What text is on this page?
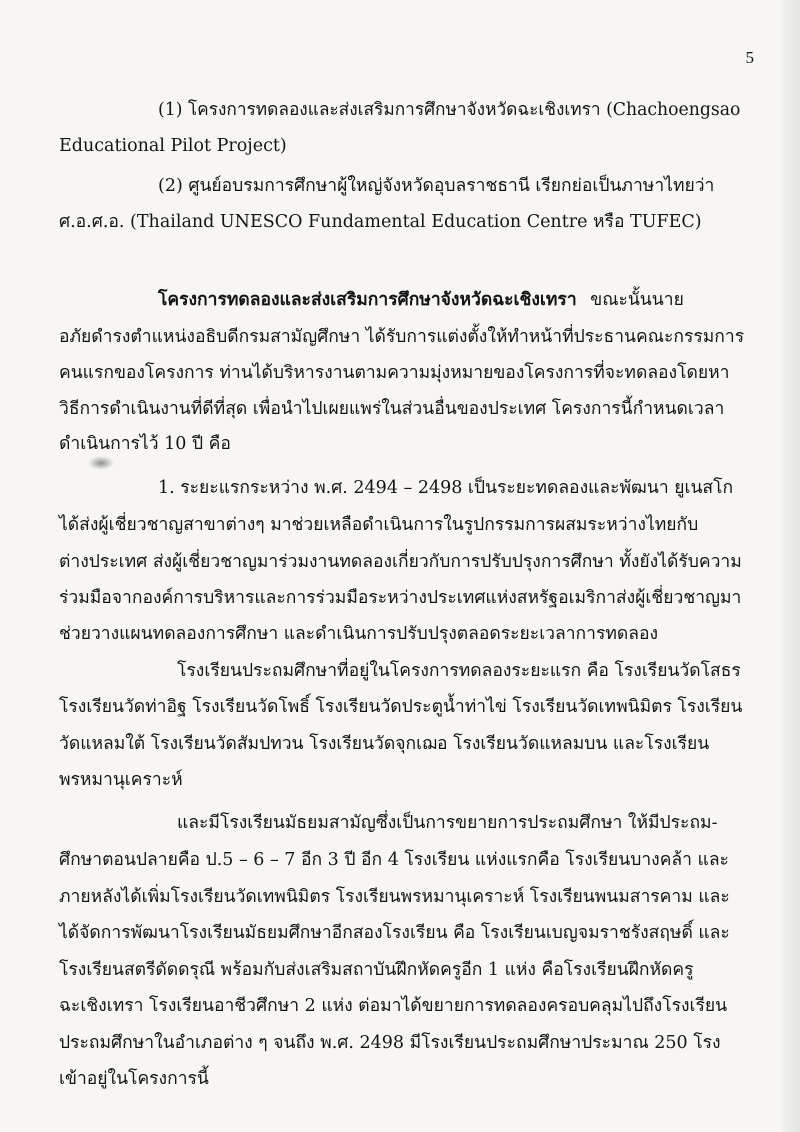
5

(1) โครงการทดลองและส่งเสริมการศึกษาจังหวัดฉะเชิงเทรา (Chachoengsao

Educational Pilot Project)

(2) ศูนย์อบรมการศึกษาผู้ใหญ่จังหวัดอุบลราชธานี เรียกย่อเป็นภาษาไทยว่า

ศ.อ.ศ.อ. (Thailand UNESCO Fundamental Education Centre หรือ TUFEC)

โครงการทดลองและส่งเสริมการศึกษาจังหวัดฉะเชิงเทรา ขณะนั้นนาย

อภัยดำรงตำแหน่งอธิบดีกรมสามัญศึกษา ได้รับการแต่งตั้งให้ทำหน้าที่ประธานคณะกรรมการ

คนแรกของโครงการ ท่านได้บริหารงานตามความมุ่งหมายของโครงการที่จะทดลองโดยหา

วิธีการดำเนินงานที่ดีที่สุด เพื่อนำไปเผยแพร่ในส่วนอื่นของประเทศ โครงการนี้กำหนดเวลา

ดำเนินการไว้ 10 ปี คือ

1. ระยะแรกระหว่าง พ.ศ. 2494 – 2498 เป็นระยะทดลองและพัฒนา ยูเนสโก

ได้ส่งผู้เชี่ยวชาญสาขาต่างๆ มาช่วยเหลือดำเนินการในรูปกรรมการผสมระหว่างไทยกับ

ต่างประเทศ ส่งผู้เชี่ยวชาญมาร่วมงานทดลองเกี่ยวกับการปรับปรุงการศึกษา ทั้งยังได้รับความ

ร่วมมือจากองค์การบริหารและการร่วมมือระหว่างประเทศแห่งสหรัฐอเมริกาส่งผู้เชี่ยวชาญมา

ช่วยวางแผนทดลองการศึกษา และดำเนินการปรับปรุงตลอดระยะเวลาการทดลอง

โรงเรียนประถมศึกษาที่อยู่ในโครงการทดลองระยะแรก คือ โรงเรียนวัดโสธร

โรงเรียนวัดท่าอิฐ โรงเรียนวัดโพธิ์ โรงเรียนวัดประตูน้ำท่าไข่ โรงเรียนวัดเทพนิมิตร โรงเรียน

วัดแหลมใต้ โรงเรียนวัดสัมปทวน โรงเรียนวัดจุกเฌอ โรงเรียนวัดแหลมบน และโรงเรียน

พรหมานุเคราะห์

และมีโรงเรียนมัธยมสามัญซึ่งเป็นการขยายการประถมศึกษา ให้มีประถม-

ศึกษาตอนปลายคือ ป.5 – 6 – 7 อีก 3 ปี อีก 4 โรงเรียน แห่งแรกคือ โรงเรียนบางคล้า และ

ภายหลังได้เพิ่มโรงเรียนวัดเทพนิมิตร โรงเรียนพรหมานุเคราะห์ โรงเรียนพนมสารคาม และ

ได้จัดการพัฒนาโรงเรียนมัธยมศึกษาอีกสองโรงเรียน คือ โรงเรียนเบญจมราชรังสฤษดิ์ และ

โรงเรียนสตรีดัดดรุณี พร้อมกับส่งเสริมสถาบันฝึกหัดครูอีก 1 แห่ง คือโรงเรียนฝึกหัดครู

ฉะเชิงเทรา โรงเรียนอาชีวศึกษา 2 แห่ง ต่อมาได้ขยายการทดลองครอบคลุมไปถึงโรงเรียน

ประถมศึกษาในอำเภอต่าง ๆ จนถึง พ.ศ. 2498 มีโรงเรียนประถมศึกษาประมาณ 250 โรง

เข้าอยู่ในโครงการนี้
